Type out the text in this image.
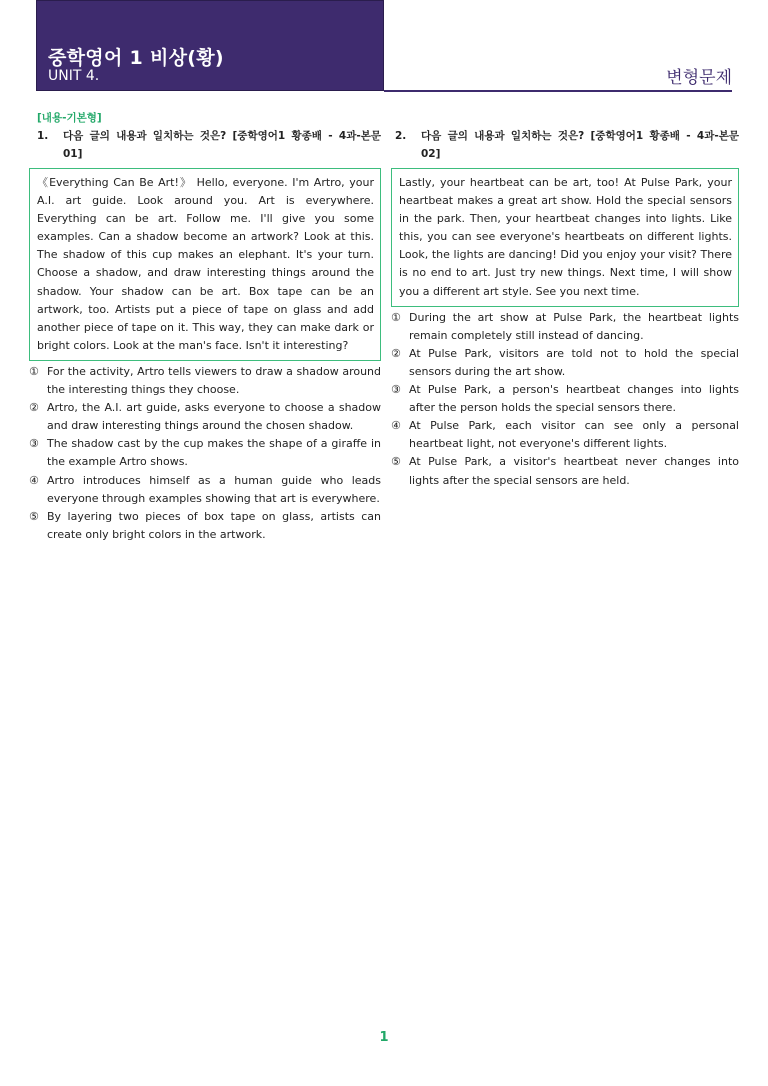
중학영어 1 비상(황)
UNIT 4.	변형문제
[내용-기본형]
1.	다음 글의 내용과 일치하는 것은? [중학영어1 황종배 - 4과-본문 01]
《Everything Can Be Art!》 Hello, everyone. I'm Artro, your A.I. art guide. Look around you. Art is everywhere. Everything can be art. Follow me. I'll give you some examples. Can a shadow become an artwork? Look at this. The shadow of this cup makes an elephant. It's your turn. Choose a shadow, and draw interesting things around the shadow. Your shadow can be art. Box tape can be an artwork, too. Artists put a piece of tape on glass and add another piece of tape on it. This way, they can make dark or bright colors. Look at the man's face. Isn't it interesting?
① For the activity, Artro tells viewers to draw a shadow around the interesting things they choose.
② Artro, the A.I. art guide, asks everyone to choose a shadow and draw interesting things around the chosen shadow.
③ The shadow cast by the cup makes the shape of a giraffe in the example Artro shows.
④ Artro introduces himself as a human guide who leads everyone through examples showing that art is everywhere.
⑤ By layering two pieces of box tape on glass, artists can create only bright colors in the artwork.
2.	다음 글의 내용과 일치하는 것은? [중학영어1 황종배 - 4과-본문 02]
Lastly, your heartbeat can be art, too! At Pulse Park, your heartbeat makes a great art show. Hold the special sensors in the park. Then, your heartbeat changes into lights. Like this, you can see everyone's heartbeats on different lights. Look, the lights are dancing! Did you enjoy your visit? There is no end to art. Just try new things. Next time, I will show you a different art style. See you next time.
① During the art show at Pulse Park, the heartbeat lights remain completely still instead of dancing.
② At Pulse Park, visitors are told not to hold the special sensors during the art show.
③ At Pulse Park, a person's heartbeat changes into lights after the person holds the special sensors there.
④ At Pulse Park, each visitor can see only a personal heartbeat light, not everyone's different lights.
⑤ At Pulse Park, a visitor's heartbeat never changes into lights after the special sensors are held.
1
